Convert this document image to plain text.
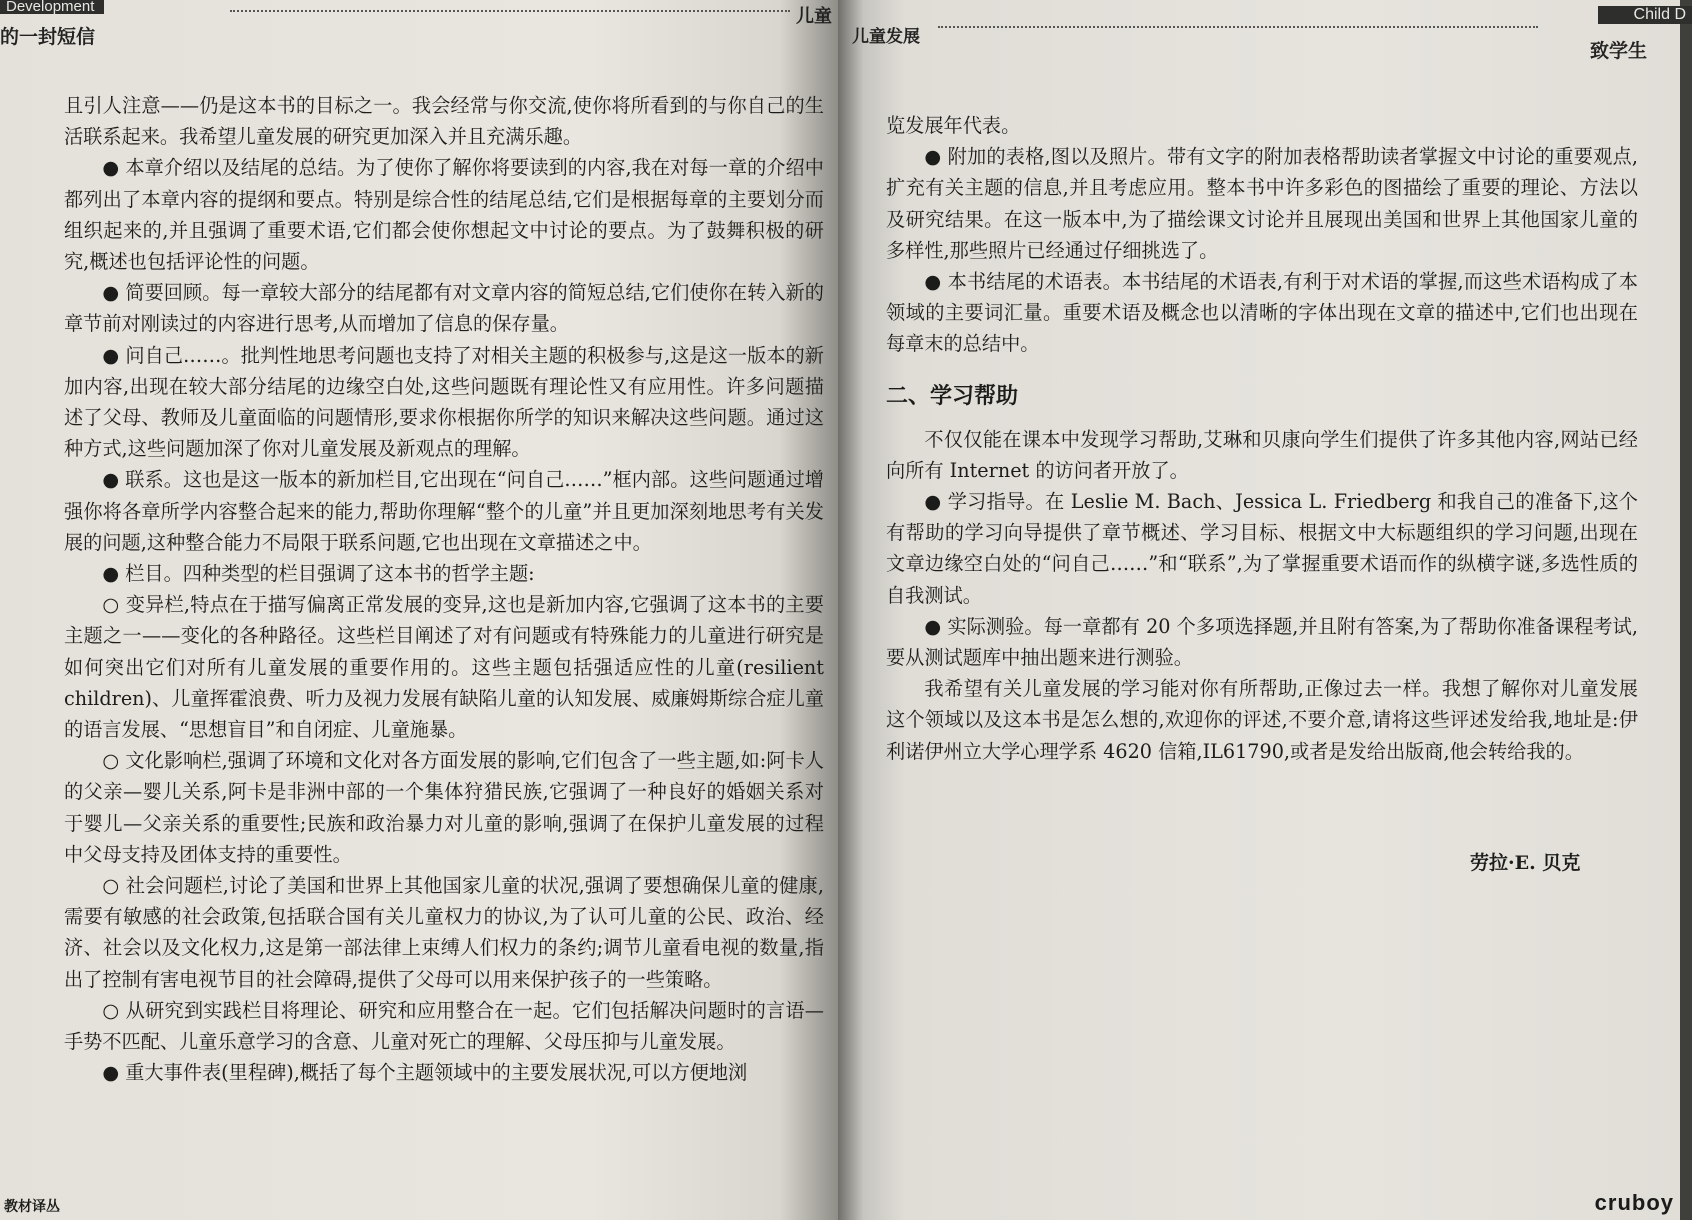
Development	儿童
的一封短信

且引人注意——仍是这本书的目标之一。我会经常与你交流,使你将所看到的与你自己的生活联系起来。我希望儿童发展的研究更加深入并且充满乐趣。

● 本章介绍以及结尾的总结。为了使你了解你将要读到的内容,我在对每一章的介绍中都列出了本章内容的提纲和要点。特别是综合性的结尾总结,它们是根据每章的主要划分而组织起来的,并且强调了重要术语,它们都会使你想起文中讨论的要点。为了鼓舞积极的研究,概述也包括评论性的问题。

● 简要回顾。每一章较大部分的结尾都有对文章内容的简短总结,它们使你在转入新的章节前对刚读过的内容进行思考,从而增加了信息的保存量。

● 问自己……。批判性地思考问题也支持了对相关主题的积极参与,这是这一版本的新加内容,出现在较大部分结尾的边缘空白处,这些问题既有理论性又有应用性。许多问题描述了父母、教师及儿童面临的问题情形,要求你根据你所学的知识来解决这些问题。通过这种方式,这些问题加深了你对儿童发展及新观点的理解。

● 联系。这也是这一版本的新加栏目,它出现在“问自己……”框内部。这些问题通过增强你将各章所学内容整合起来的能力,帮助你理解“整个的儿童”并且更加深刻地思考有关发展的问题,这种整合能力不局限于联系问题,它也出现在文章描述之中。

● 栏目。四种类型的栏目强调了这本书的哲学主题:

○ 变异栏,特点在于描写偏离正常发展的变异,这也是新加内容,它强调了这本书的主要主题之一——变化的各种路径。这些栏目阐述了对有问题或有特殊能力的儿童进行研究是如何突出它们对所有儿童发展的重要作用的。这些主题包括强适应性的儿童(resilient children)、儿童挥霍浪费、听力及视力发展有缺陷儿童的认知发展、威廉姆斯综合症儿童的语言发展、“思想盲目”和自闭症、儿童施暴。

○ 文化影响栏,强调了环境和文化对各方面发展的影响,它们包含了一些主题,如:阿卡人的父亲—婴儿关系,阿卡是非洲中部的一个集体狩猎民族,它强调了一种良好的婚姻关系对于婴儿—父亲关系的重要性;民族和政治暴力对儿童的影响,强调了在保护儿童发展的过程中父母支持及团体支持的重要性。

○ 社会问题栏,讨论了美国和世界上其他国家儿童的状况,强调了要想确保儿童的健康,需要有敏感的社会政策,包括联合国有关儿童权力的协议,为了认可儿童的公民、政治、经济、社会以及文化权力,这是第一部法律上束缚人们权力的条约;调节儿童看电视的数量,指出了控制有害电视节目的社会障碍,提供了父母可以用来保护孩子的一些策略。

○ 从研究到实践栏目将理论、研究和应用整合在一起。它们包括解决问题时的言语—手势不匹配、儿童乐意学习的含意、儿童对死亡的理解、父母压抑与儿童发展。

● 重大事件表(里程碑),概括了每个主题领域中的主要发展状况,可以方便地浏

教材译丛
儿童发展
Child D
致学生

览发展年代表。

● 附加的表格,图以及照片。带有文字的附加表格帮助读者掌握文中讨论的重要观点,扩充有关主题的信息,并且考虑应用。整本书中许多彩色的图描绘了重要的理论、方法以及研究结果。在这一版本中,为了描绘课文讨论并且展现出美国和世界上其他国家儿童的多样性,那些照片已经通过仔细挑选了。

● 本书结尾的术语表。本书结尾的术语表,有利于对术语的掌握,而这些术语构成了本领域的主要词汇量。重要术语及概念也以清晰的字体出现在文章的描述中,它们也出现在每章末的总结中。

二、学习帮助

不仅仅能在课本中发现学习帮助,艾琳和贝康向学生们提供了许多其他内容,网站已经向所有 Internet 的访问者开放了。

● 学习指导。在 Leslie M. Bach、Jessica L. Friedberg 和我自己的准备下,这个有帮助的学习向导提供了章节概述、学习目标、根据文中大标题组织的学习问题,出现在文章边缘空白处的“问自己……”和“联系”,为了掌握重要术语而作的纵横字谜,多选性质的自我测试。

● 实际测验。每一章都有 20 个多项选择题,并且附有答案,为了帮助你准备课程考试,要从测试题库中抽出题来进行测验。

我希望有关儿童发展的学习能对你有所帮助,正像过去一样。我想了解你对儿童发展这个领域以及这本书是怎么想的,欢迎你的评述,不要介意,请将这些评述发给我,地址是:伊利诺伊州立大学心理学系 4620 信箱,IL61790,或者是发给出版商,他会转给我的。

劳拉·E. 贝克
cruboy
